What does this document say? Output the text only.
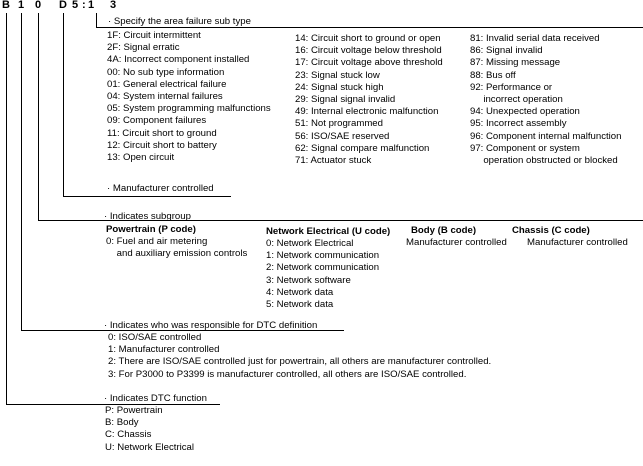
B 1 0 D 5 : 1 3
· Specify the area failure sub type
1F: Circuit intermittent
2F: Signal erratic
4A: Incorrect component installed
00: No sub type information
01: General electrical failure
04: System internal failures
05: System programming malfunctions
09: Component failures
11: Circuit short to ground
12: Circuit short to battery
13: Open circuit
14: Circuit short to ground or open
16: Circuit voltage below threshold
17: Circuit voltage above threshold
23: Signal stuck low
24: Signal stuck high
29: Signal signal invalid
49: Internal electronic malfunction
51: Not programmed
56: ISO/SAE reserved
62: Signal compare malfunction
71: Actuator stuck
81: Invalid serial data received
86: Signal invalid
87: Missing message
88: Bus off
92: Performance or
incorrect operation
94: Unexpected operation
95: Incorrect assembly
96: Component internal malfunction
97: Component or system
operation obstructed or blocked
· Manufacturer controlled
· Indicates subgroup
Powertrain (P code)
0: Fuel and air metering
and auxiliary emission controls
Network Electrical (U code)
0: Network Electrical
1: Network communication
2: Network communication
3: Network software
4: Network data
5: Network data
Body (B code)
Manufacturer controlled
Chassis (C code)
Manufacturer controlled
· Indicates who was responsible for DTC definition
0: ISO/SAE controlled
1: Manufacturer controlled
2: There are ISO/SAE controlled just for powertrain, all others are manufacturer controlled.
3: For P3000 to P3399 is manufacturer controlled, all others are ISO/SAE controlled.
· Indicates DTC function
P: Powertrain
B: Body
C: Chassis
U: Network Electrical
